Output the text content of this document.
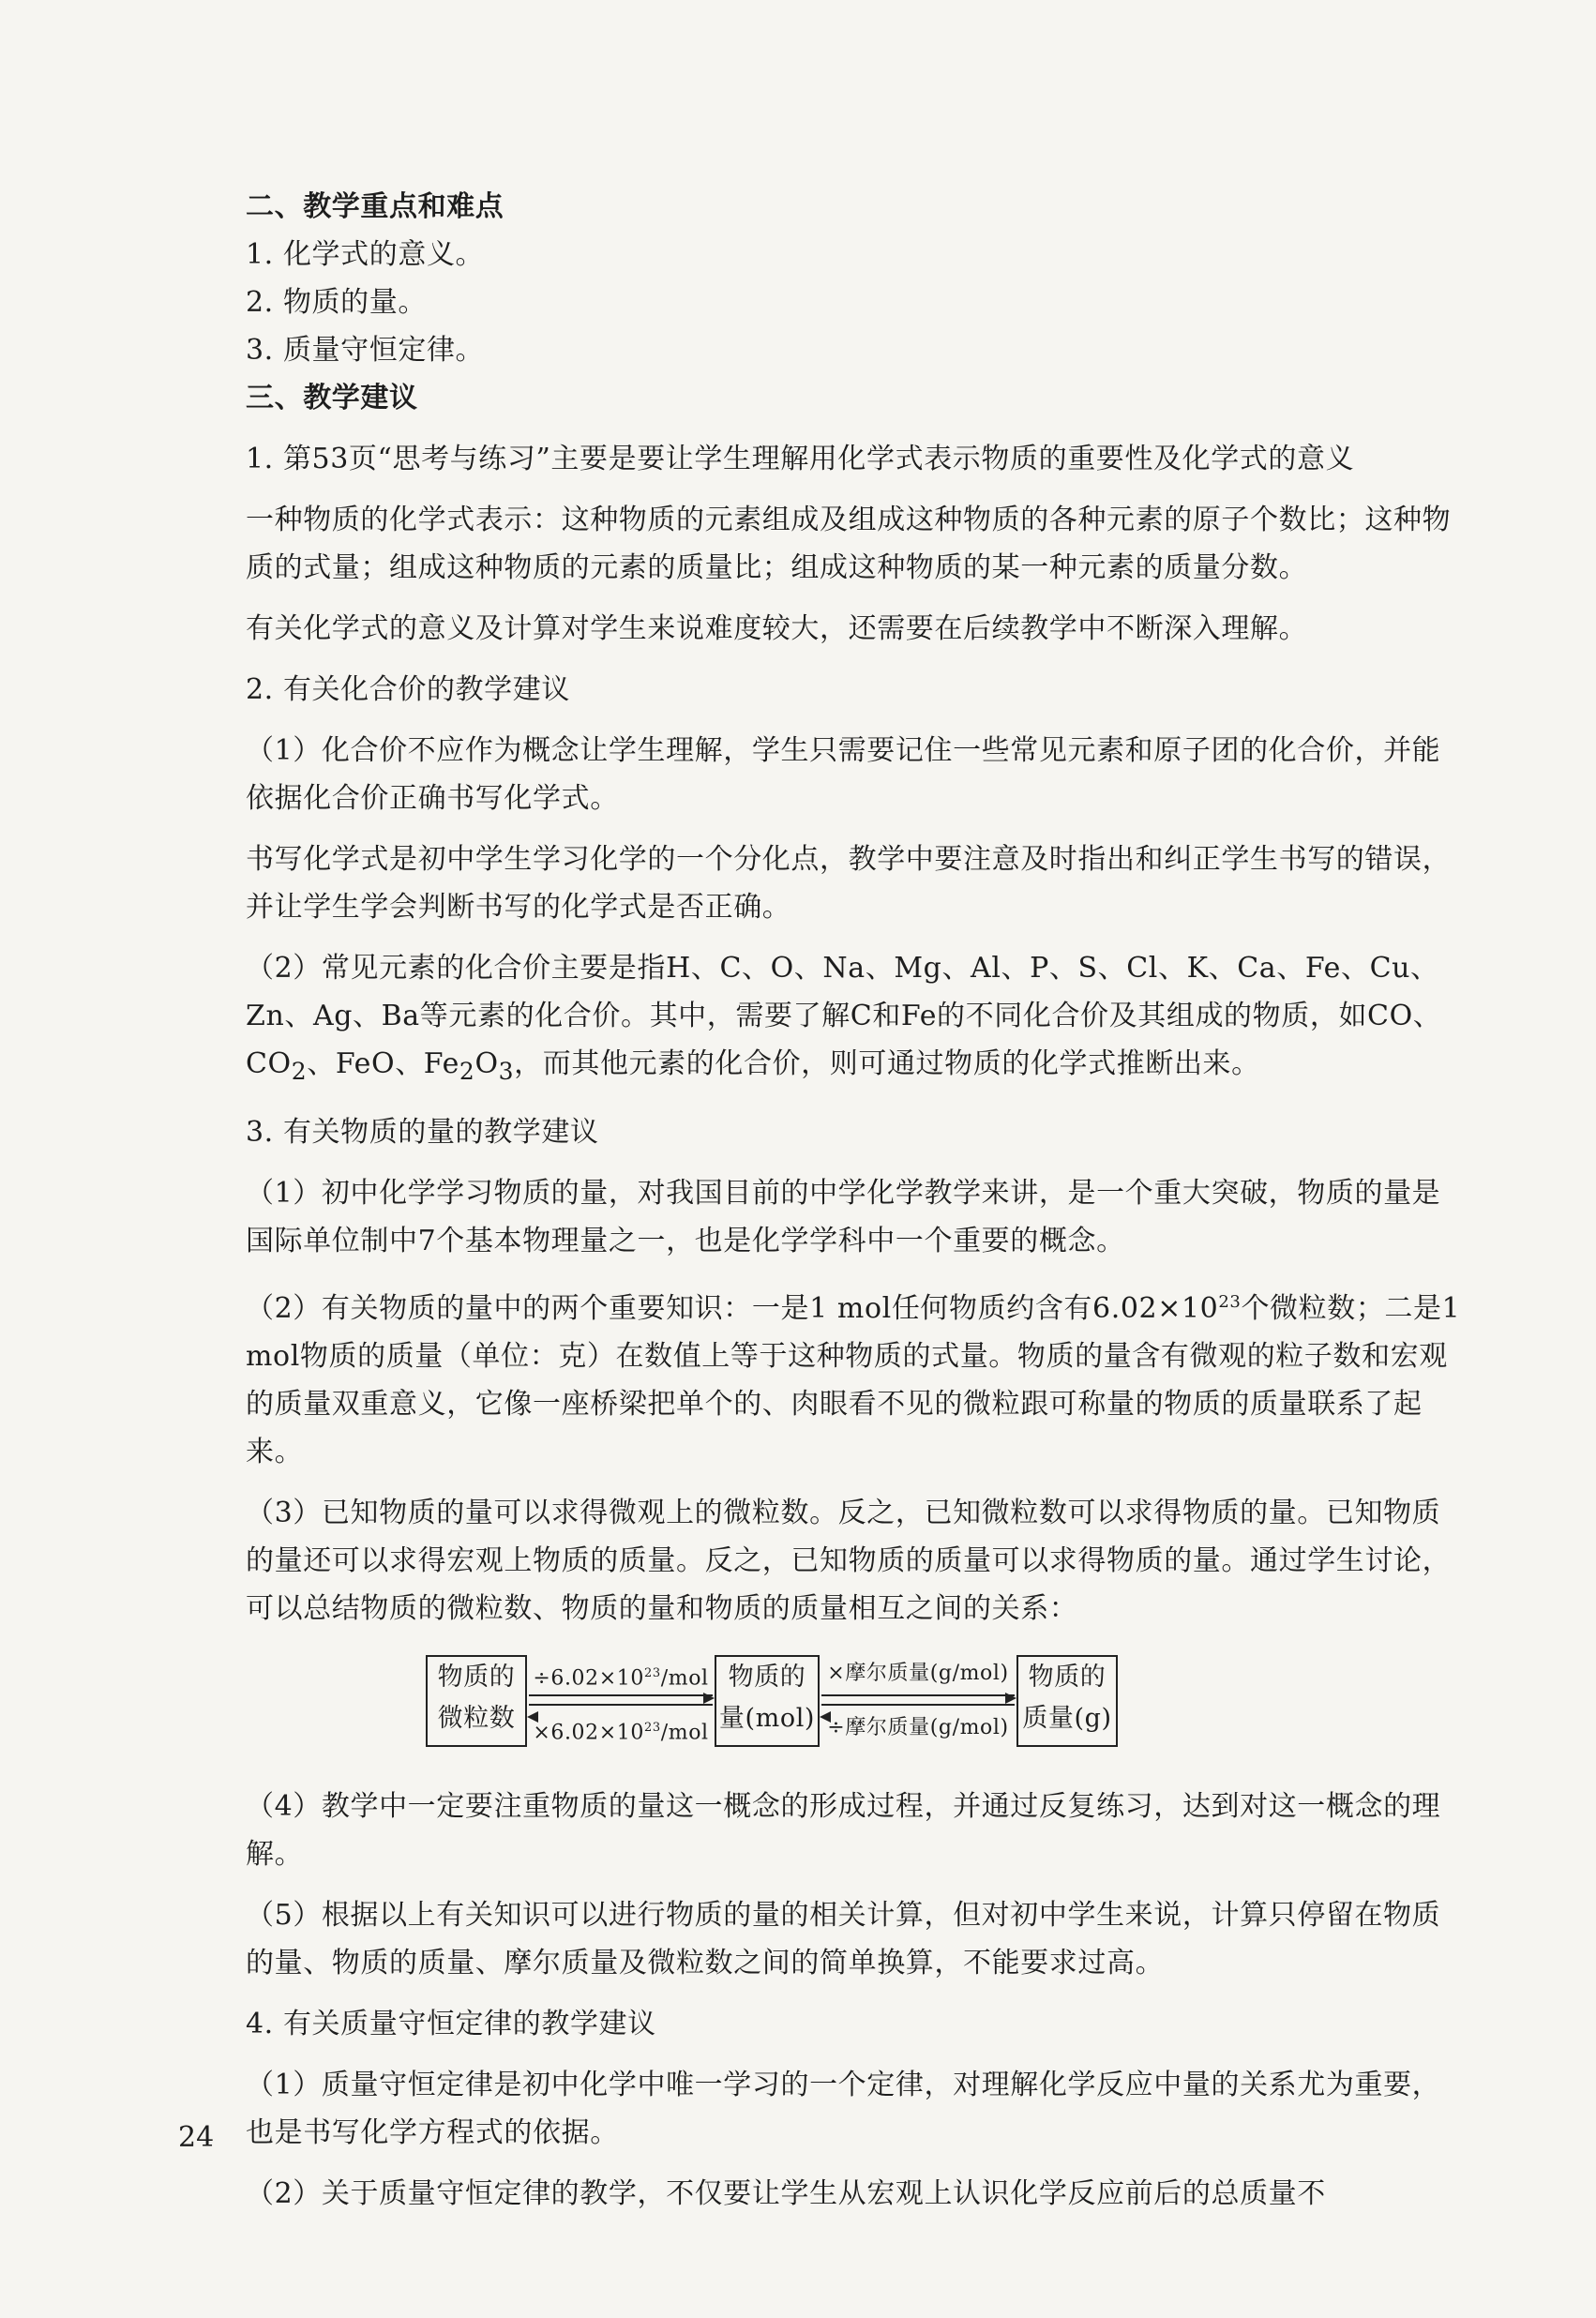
二、教学重点和难点

1. 化学式的意义。

2. 物质的量。

3. 质量守恒定律。

三、教学建议

1. 第53页“思考与练习”主要是要让学生理解用化学式表示物质的重要性及化学式的意义

一种物质的化学式表示：这种物质的元素组成及组成这种物质的各种元素的原子个数比；这种物质的式量；组成这种物质的元素的质量比；组成这种物质的某一种元素的质量分数。

有关化学式的意义及计算对学生来说难度较大，还需要在后续教学中不断深入理解。

2. 有关化合价的教学建议

（1）化合价不应作为概念让学生理解，学生只需要记住一些常见元素和原子团的化合价，并能依据化合价正确书写化学式。

书写化学式是初中学生学习化学的一个分化点，教学中要注意及时指出和纠正学生书写的错误，并让学生学会判断书写的化学式是否正确。

（2）常见元素的化合价主要是指H、C、O、Na、Mg、Al、P、S、Cl、K、Ca、Fe、Cu、Zn、Ag、Ba等元素的化合价。其中，需要了解C和Fe的不同化合价及其组成的物质，如CO、$CO_2$、FeO、$Fe_2O_3$，而其他元素的化合价，则可通过物质的化学式推断出来。

3. 有关物质的量的教学建议

（1）初中化学学习物质的量，对我国目前的中学化学教学来讲，是一个重大突破，物质的量是国际单位制中7个基本物理量之一，也是化学学科中一个重要的概念。

（2）有关物质的量中的两个重要知识：一是1 mol任何物质约含有$6.02\times 10^{23}$个微粒数；二是1 mol物质的质量（单位：克）在数值上等于这种物质的式量。物质的量含有微观的粒子数和宏观的质量双重意义，它像一座桥梁把单个的、肉眼看不见的微粒跟可称量的物质的质量联系了起来。

（3）已知物质的量可以求得微观上的微粒数。反之，已知微粒数可以求得物质的量。已知物质的量还可以求得宏观上物质的质量。反之，已知物质的质量可以求得物质的量。通过学生讨论，可以总结物质的微粒数、物质的量和物质的质量相互之间的关系：

物质的
微粒数
$\div 6.02\times 10^{23}$/mol
$\times 6.02\times 10^{23}$/mol
物质的
量(mol)
×摩尔质量(g/mol)
÷摩尔质量(g/mol)
物质的
质量(g)

（4）教学中一定要注重物质的量这一概念的形成过程，并通过反复练习，达到对这一概念的理解。

（5）根据以上有关知识可以进行物质的量的相关计算，但对初中学生来说，计算只停留在物质的量、物质的质量、摩尔质量及微粒数之间的简单换算，不能要求过高。

4. 有关质量守恒定律的教学建议

（1）质量守恒定律是初中化学中唯一学习的一个定律，对理解化学反应中量的关系尤为重要，也是书写化学方程式的依据。

（2）关于质量守恒定律的教学，不仅要让学生从宏观上认识化学反应前后的总质量不

24
